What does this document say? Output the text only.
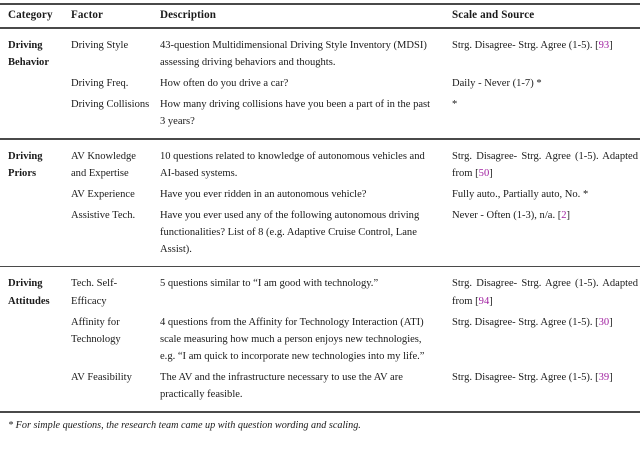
Category	Factor	Description	Scale and Source
Driving Behavior	Driving Style	43-question Multidimensional Driving Style Inventory (MDSI) assessing driving behaviors and thoughts.	Strg. Disagree- Strg. Agree (1-5). [93]
	Driving Freq.	How often do you drive a car?	Daily - Never (1-7) *
	Driving Collisions	How many driving collisions have you been a part of in the past 3 years?	*
Driving Priors	AV Knowledge and Expertise	10 questions related to knowledge of autonomous vehicles and AI-based systems.	Strg. Disagree- Strg. Agree (1-5). Adapted from [50]
	AV Experience	Have you ever ridden in an autonomous vehicle?	Fully auto., Partially auto, No. *
	Assistive Tech.	Have you ever used any of the following autonomous driving functionalities? List of 8 (e.g. Adaptive Cruise Control, Lane Assist).	Never - Often (1-3), n/a. [2]
Driving Attitudes	Tech. Self-Efficacy	5 questions similar to “I am good with technology.”	Strg. Disagree- Strg. Agree (1-5). Adapted from [94]
	Affinity for Technology	4 questions from the Affinity for Technology Interaction (ATI) scale measuring how much a person enjoys new technologies, e.g. “I am quick to incorporate new technologies into my life.”	Strg. Disagree- Strg. Agree (1-5). [30]
	AV Feasibility	The AV and the infrastructure necessary to use the AV are practically feasible.	Strg. Disagree- Strg. Agree (1-5). [39]
* For simple questions, the research team came up with question wording and scaling.
